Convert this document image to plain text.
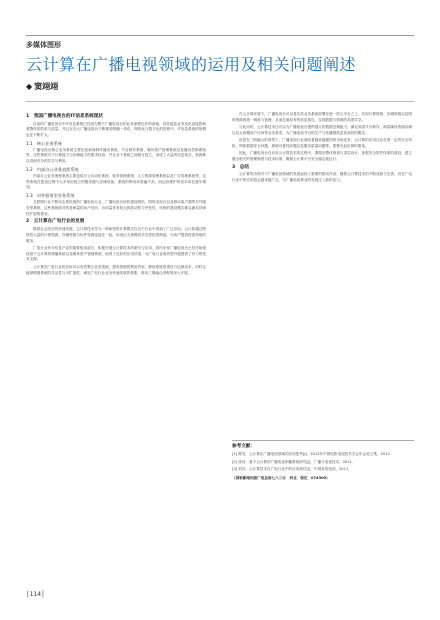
多媒体图形
云计算在广播电视领域的运用及相关问题阐述
◆ 窦翊翊
1　我国广播电视台的IT信息系统现状

目前的广播电视台中IT信息系统已经成为整个广播电视台的业务流程运作的基础，其性能及业务变化直接影响着整体的效率与质量，并且在各大广播电视台不断推进制播一体化、网络化与数字化的进程中，IT信息系统的规模也在不断扩大。

1.1　核心业务系统

广播电视台核心业务系统主要包括新闻制作播出系统、节目制作系统、媒体资产管理系统以及播出控制系统等，这些系统对于计算能力与存储能力的要求较高，并且各个系统之间相互独立，形成了大量的信息孤岛，资源难以得到充分的共享与利用。

1.2　内部办公业务流程系统

内部办公业务流程系统主要包括办公自动化系统、财务管理系统、人力资源管理系统以及广告管理系统等，这些系统在建设过程中大多采用独立的服务器与存储设备，系统的利用率普遍不高，而运营维护的成本却在逐年增加。

1.3　对外服务型业务系统

互联网行业不断冲击着传统的广播电视行业，广播电视台纷纷建设网站、网络电视台以及移动客户端等对外服务型系统，这些系统面对的是海量的用户访问，访问量具有较大的波动性与突发性，传统的建设模式难以满足其弹性扩展的需求。

2　云计算在广电行业的发展

随着社会经济的快速发展，云计算技术作为一种新型的计算模式在各个行业中得到了广泛应用。云计算通过网络将大量的计算资源、存储资源与软件资源连接在一起，形成巨大规模的共享虚拟资源池，为用户提供按需获取的服务。

广电行业作为信息产业的重要组成部分，积极开展云计算技术的研究与应用，国内多家广播电视台已经开始建设基于云计算的制播系统以及媒体资产管理系统，取得了良好的应用效果，为广电行业的转型升级提供了有力的技术支撑。

云计算在广电行业的应用可以有效整合各类资源，提高资源的利用效率，降低系统的建设与运维成本，同时还能够增强系统的灵活性与可扩展性，满足广电行业业务快速发展的需要，推动三网融合进程的深入开展。

在云计算环境下，广播电视台可以将各类业务系统部署在统一的云平台之上，实现计算资源、存储资源以及网络资源的统一调度与管理，从而打破原有的信息孤岛，实现数据与资源的高度共享。

与此同时，云计算技术还可以为广播电视台提供强大的数据处理能力，满足高清节目制作、海量媒体资源存储以及大规模用户访问等业务需求，为广播电视节目的生产与传播提供更加高效的服务。

但是在三网融合的背景下，广播电视行业面临着越来越激烈的市场竞争，云计算的应用还存在着一定的安全风险，例如数据安全问题、系统可靠性问题以及服务质量问题等，需要引起足够的重视。

因此，广播电视台在应用云计算技术的过程中，要做好整体规划与顶层设计，加强安全防护体系的建设，建立健全相关的管理制度与技术标准，确保云计算平台安全稳定地运行。

3　总结

云计算的出现对于广播电视领域的发展起到了重要的推动作用，随着云计算技术的不断成熟与完善，其在广电行业中的应用将会越来越广泛，为广播电视事业的发展注入新的活力。

参考文献：

[1] 陈亮．云计算在广播电视领域的应用思考[J]．2012年中国电影电视技术学会年会论文集，2012．

[2] 张伟．基于云计算的广播电视制播系统研究[J]．广播与电视技术，2011．

[3] 刘洋．云计算技术在广电行业中的应用探讨[J]．中国有线电视，2011．

（国家新闻出版广电总局七八三台　河北　保定　074300）

│114│
